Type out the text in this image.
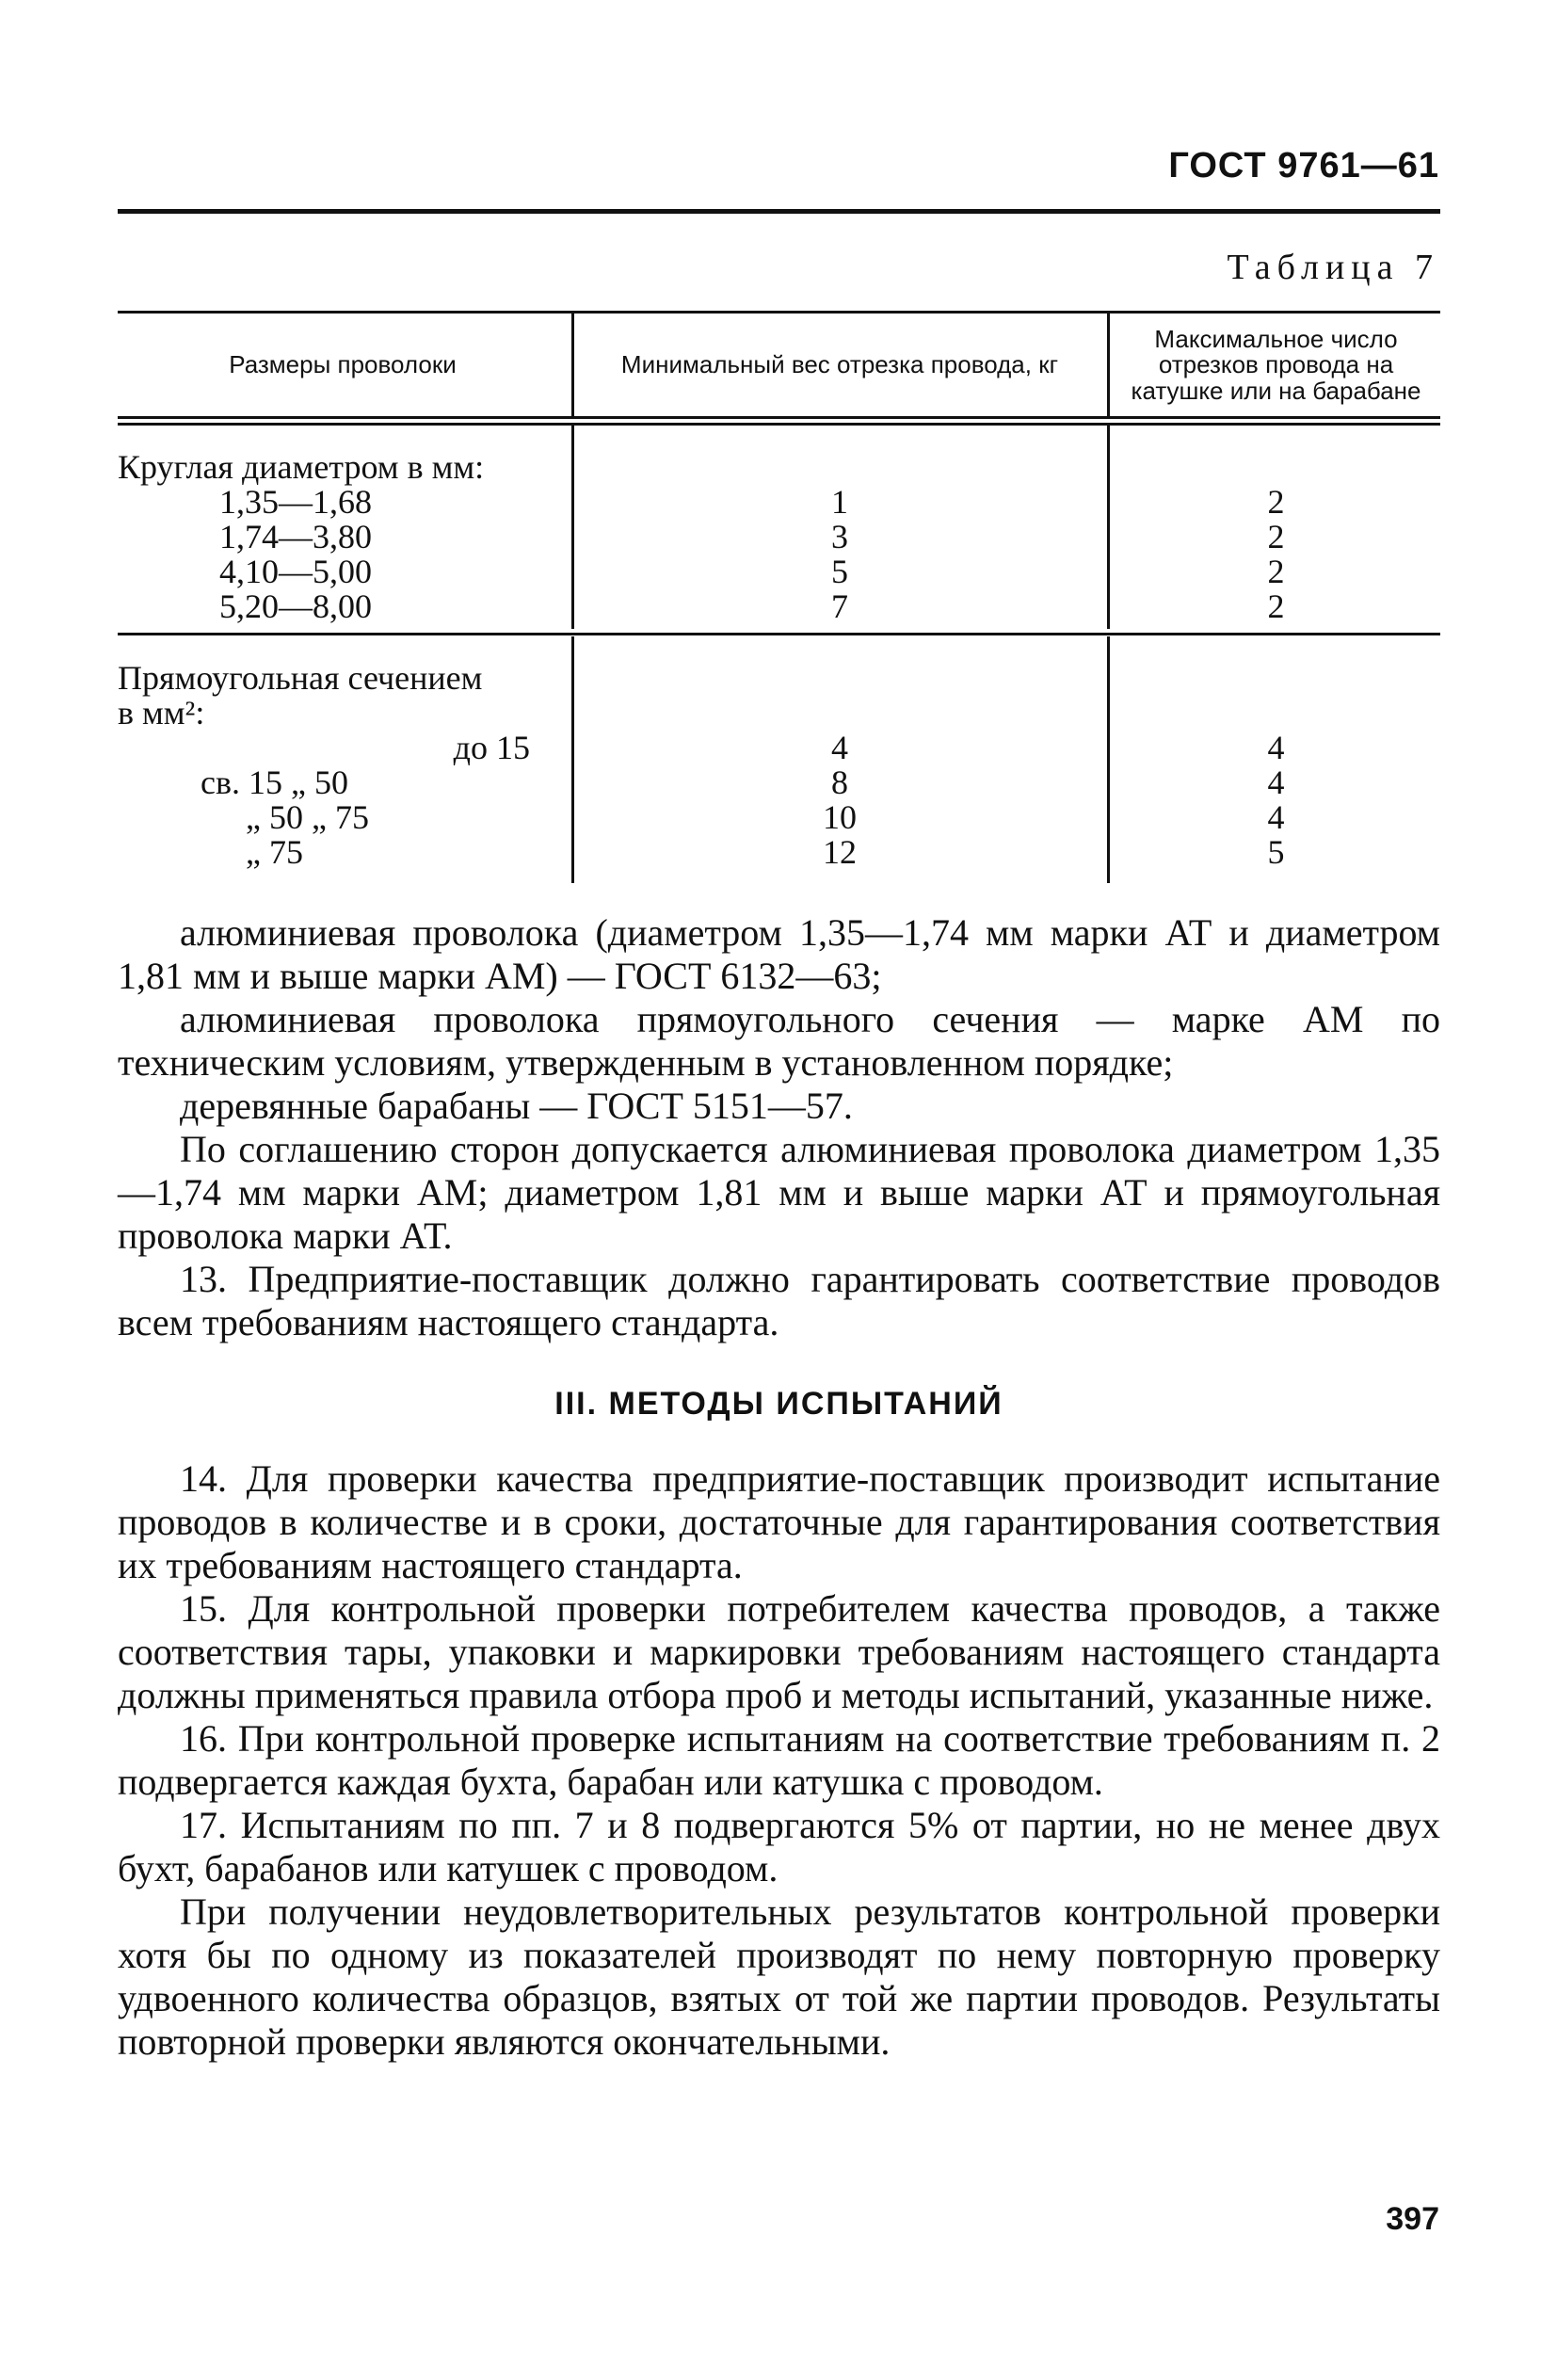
ГОСТ 9761—61
Таблица 7
Размеры проволоки	Минимальный вес отрезка провода, кг
Максимальное число отрезков провода на катушке или на барабане
Круглая диаметром в мм:
1,35—1,68
1,74—3,80
4,10—5,00
5,20—8,00
1
3
5
7
2
2
2
2
Прямоугольная сечением
в мм²:
до 15
св. 15 „ 50
„ 50 „ 75
„ 75
4
8
10
12
4
4
4
5

алюминиевая проволока (диаметром 1,35—1,74 мм марки АТ и диаметром 1,81 мм и выше марки АМ) — ГОСТ 6132—63;

алюминиевая проволока прямоугольного сечения — марке АМ по техническим условиям, утвержденным в установленном порядке;

деревянные барабаны — ГОСТ 5151—57.

По соглашению сторон допускается алюминиевая проволока диаметром 1,35—1,74 мм марки АМ; диаметром 1,81 мм и выше марки АТ и прямоугольная проволока марки АТ.

13. Предприятие-поставщик должно гарантировать соответствие проводов всем требованиям настоящего стандарта.

III. МЕТОДЫ ИСПЫТАНИЙ

14. Для проверки качества предприятие-поставщик производит испытание проводов в количестве и в сроки, достаточные для гарантирования соответствия их требованиям настоящего стандарта.

15. Для контрольной проверки потребителем качества проводов, а также соответствия тары, упаковки и маркировки требованиям настоящего стандарта должны применяться правила отбора проб и методы испытаний, указанные ниже.

16. При контрольной проверке испытаниям на соответствие требованиям п. 2 подвергается каждая бухта, барабан или катушка с проводом.

17. Испытаниям по пп. 7 и 8 подвергаются 5% от партии, но не менее двух бухт, барабанов или катушек с проводом.

При получении неудовлетворительных результатов контрольной проверки хотя бы по одному из показателей производят по нему повторную проверку удвоенного количества образцов, взятых от той же партии проводов. Результаты повторной проверки являются окончательными.

397
